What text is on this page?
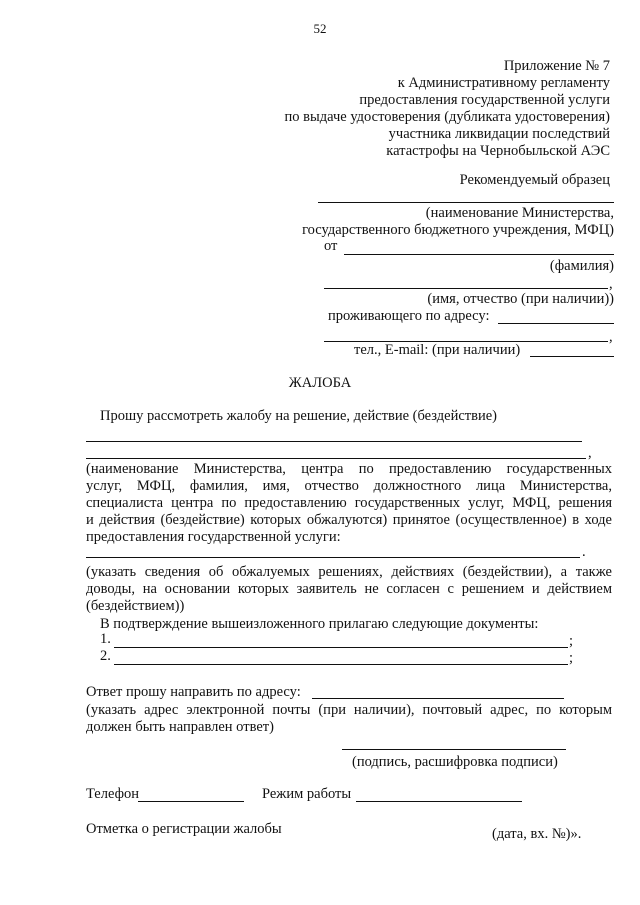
52
Приложение № 7
к Административному регламенту
предоставления государственной услуги
по выдаче удостоверения (дубликата удостоверения)
участника ликвидации последствий
катастрофы на Чернобыльской АЭС
Рекомендуемый образец
(наименование Министерства,
государственного бюджетного учреждения, МФЦ)
от
(фамилия)
,
(имя, отчество (при наличии))
проживающего по адресу:
,
тел., E-mail: (при наличии)
ЖАЛОБА
Прошу рассмотреть жалобу на решение, действие (бездействие)
,
(наименование Министерства, центра по предоставлению государственных
услуг, МФЦ, фамилия, имя, отчество должностного лица Министерства,
специалиста центра по предоставлению государственных услуг, МФЦ, решения
и действия (бездействие) которых обжалуются) принятое (осуществленное) в ходе
предоставления государственной услуги:
.
(указать сведения об обжалуемых решениях, действиях (бездействии), а также
доводы, на основании которых заявитель не согласен с решением и действием
(бездействием))
В подтверждение вышеизложенного прилагаю следующие документы:
1.	;
2.	;
Ответ прошу направить по адресу:
(указать адрес электронной почты (при наличии), почтовый адрес, по которым
должен быть направлен ответ)
(подпись, расшифровка подписи)
Телефон	Режим работы
Отметка о регистрации жалобы	(дата, вх. №)».
